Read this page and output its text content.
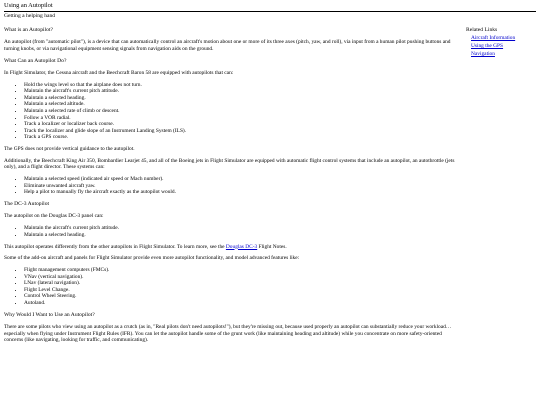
Using an Autopilot
Getting a helping hand
Related Links
Aircraft Information
Using the GPS
Navigation
What is an Autopilot?

An autopilot (from "automatic pilot"), is a device that can automatically control an aircraft's motion about one or more of its three axes (pitch, yaw, and roll), via input from a human pilot pushing buttons and turning knobs, or via navigational equipment sensing signals from navigation aids on the ground.

What Can an Autopilot Do?

In Flight Simulator, the Cessna aircraft and the Beechcraft Baron 58 are equipped with autopilots that can:

• Hold the wings level so that the airplane does not turn.
• Maintain the aircraft's current pitch attitude.
• Maintain a selected heading.
• Maintain a selected altitude.
• Maintain a selected rate of climb or descent.
• Follow a VOR radial.
• Track a localizer or localizer back course.
• Track the localizer and glide slope of an Instrument Landing System (ILS).
• Track a GPS course.

The GPS does not provide vertical guidance to the autopilot.

Additionally, the Beechcraft King Air 350, Bombardier Learjet 45, and all of the Boeing jets in Flight Simulator are equipped with automatic flight control systems that include an autopilot, an autothrottle (jets only), and a flight director. These systems can:

• Maintain a selected speed (indicated air speed or Mach number).
• Eliminate unwanted aircraft yaw.
• Help a pilot to manually fly the aircraft exactly as the autopilot would.
The DC-3 Autopilot

The autopilot on the Douglas DC-3 panel can:

• Maintain the aircraft's current pitch attitude.
• Maintain a selected heading.

This autopilot operates differently from the other autopilots in Flight Simulator. To learn more, see the Douglas DC-3 Flight Notes.

Some of the add-on aircraft and panels for Flight Simulator provide even more autopilot functionality, and model advanced features like:

• Flight management computers (FMCs).
• VNav (vertical navigation).
• LNav (lateral navigation).
• Flight Level Change.
• Control Wheel Steering.
• Autoland.
Why Would I Want to Use an Autopilot?

There are some pilots who view using an autopilot as a crutch (as in, "Real pilots don't need autopilots!"), but they're missing out, because used properly an autopilot can substantially reduce your workload…especially when flying under Instrument Flight Rules (IFR). You can let the autopilot handle some of the grunt work (like maintaining heading and altitude) while you concentrate on more safety-oriented concerns (like navigating, looking for traffic, and communicating).
